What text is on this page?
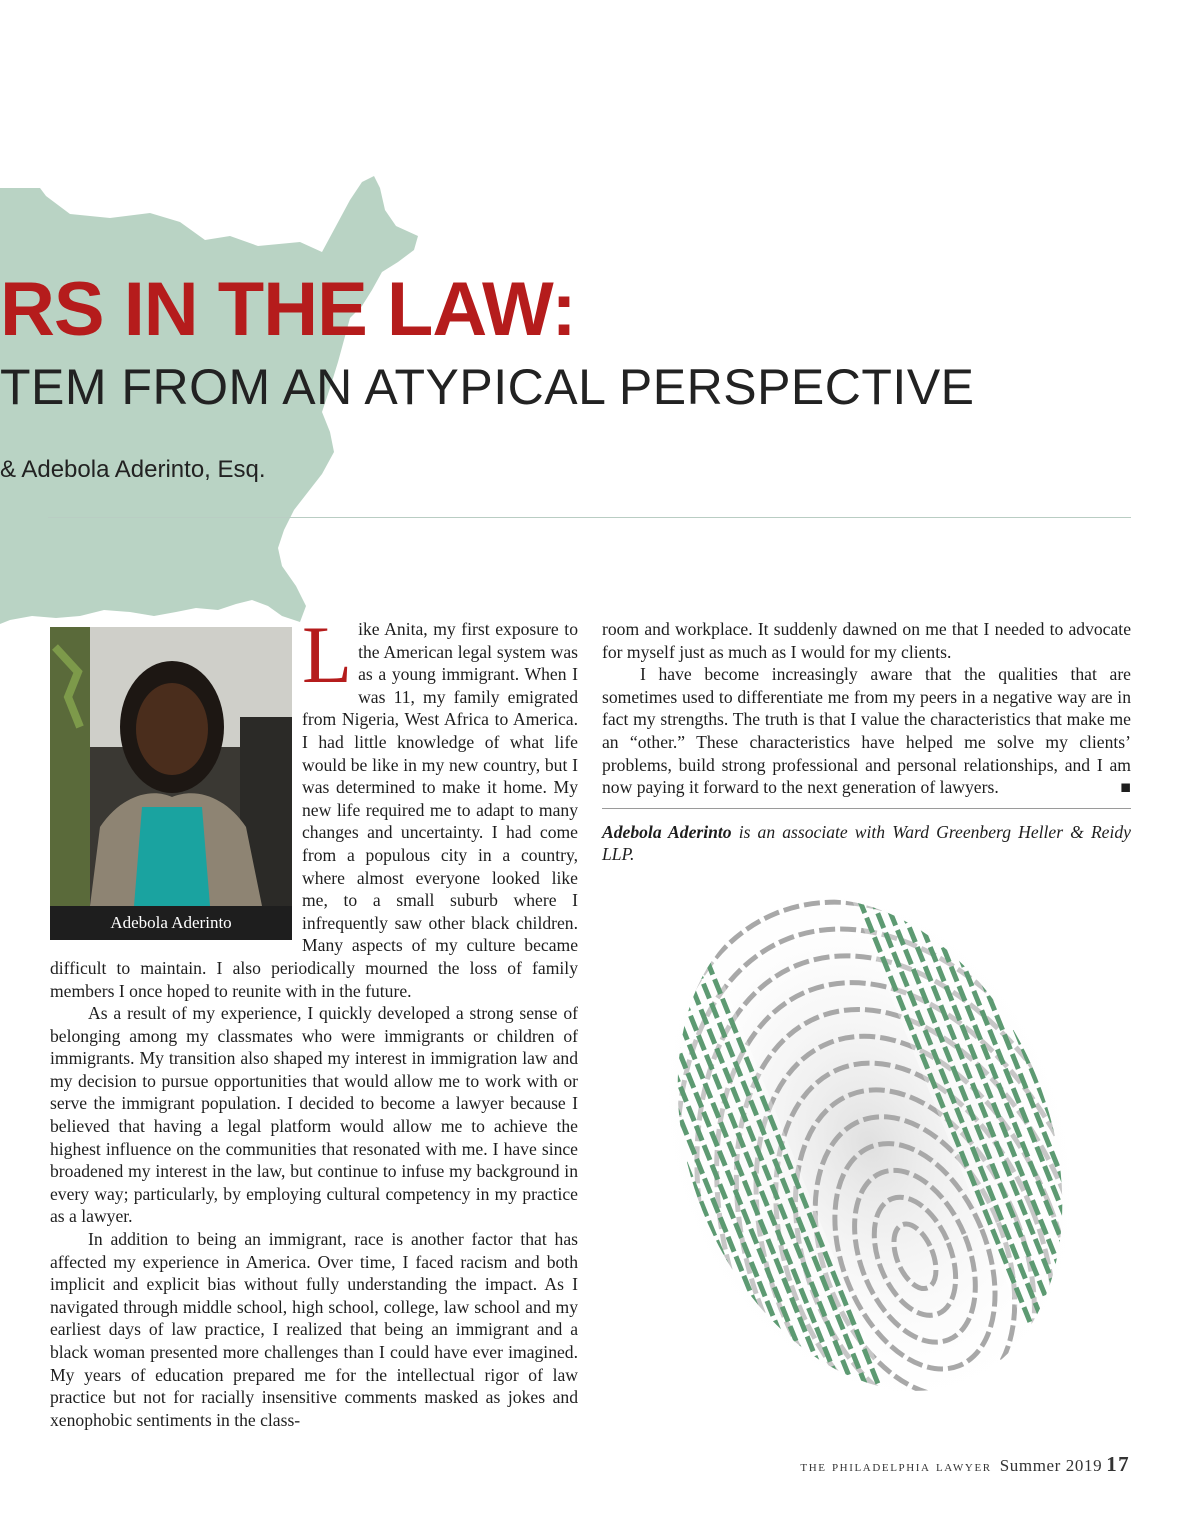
RS IN THE LAW:
TEM FROM AN ATYPICAL PERSPECTIVE
& Adebola Aderinto, Esq.
Adebola Aderinto

Like Anita, my first exposure to the American legal system was as a young immigrant. When I was 11, my family emigrated from Nigeria, West Africa to America. I had little knowledge of what life would be like in my new country, but I was determined to make it home. My new life required me to adapt to many changes and uncertainty. I had come from a populous city in a country, where almost everyone looked like me, to a small suburb where I infrequently saw other black children. Many aspects of my culture became difficult to maintain. I also periodically mourned the loss of family members I once hoped to reunite with in the future.

As a result of my experience, I quickly developed a strong sense of belonging among my classmates who were immigrants or children of immigrants. My transition also shaped my interest in immigration law and my decision to pursue opportunities that would allow me to work with or serve the immigrant population. I decided to become a lawyer because I believed that having a legal platform would allow me to achieve the highest influence on the communities that resonated with me. I have since broadened my interest in the law, but continue to infuse my background in every way; particularly, by employing cultural competency in my practice as a lawyer.

In addition to being an immigrant, race is another factor that has affected my experience in America. Over time, I faced racism and both implicit and explicit bias without fully understanding the impact. As I navigated through middle school, high school, college, law school and my earliest days of law practice, I realized that being an immigrant and a black woman presented more challenges than I could have ever imagined. My years of education prepared me for the intellectual rigor of law practice but not for racially insensitive comments masked as jokes and xenophobic sentiments in the class-

room and workplace. It suddenly dawned on me that I needed to advocate for myself just as much as I would for my clients.

I have become increasingly aware that the qualities that are sometimes used to differentiate me from my peers in a negative way are in fact my strengths. The truth is that I value the characteristics that make me an “other.” These characteristics have helped me solve my clients’ problems, build strong professional and personal relationships, and I am now paying it forward to the next generation of lawyers.	■

Adebola Aderinto is an associate with Ward Greenberg Heller & Reidy LLP.

the philadelphia lawyer Summer 2019 17
